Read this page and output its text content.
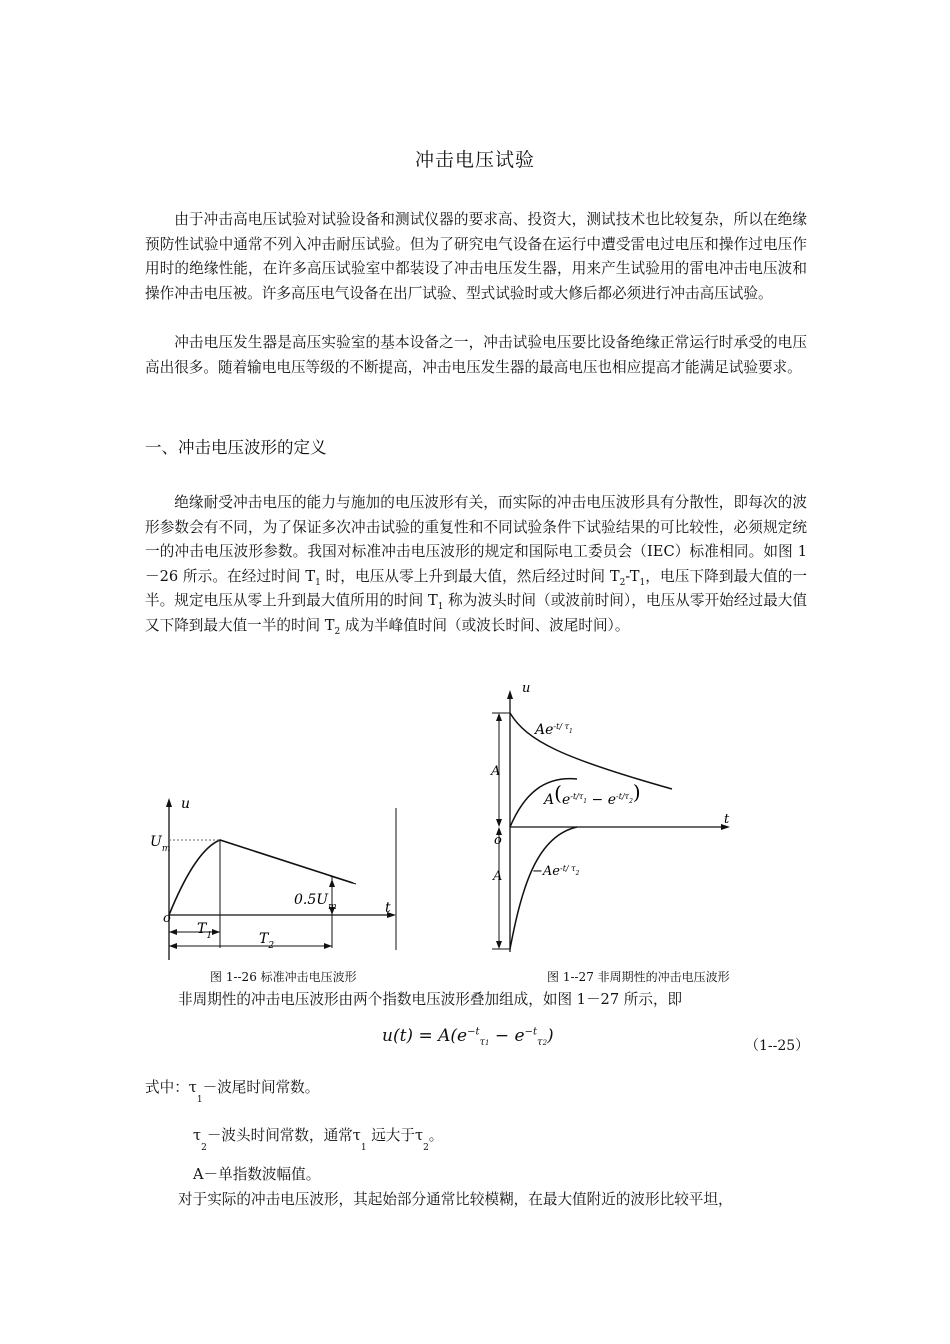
冲击电压试验

由于冲击高电压试验对试验设备和测试仪器的要求高、投资大，测试技术也比较复杂，所以在绝缘预防性试验中通常不列入冲击耐压试验。但为了研究电气设备在运行中遭受雷电过电压和操作过电压作用时的绝缘性能，在许多高压试验室中都装设了冲击电压发生器，用来产生试验用的雷电冲击电压波和操作冲击电压被。许多高压电气设备在出厂试验、型式试验时或大修后都必须进行冲击高压试验。

冲击电压发生器是高压实验室的基本设备之一，冲击试验电压要比设备绝缘正常运行时承受的电压高出很多。随着输电电压等级的不断提高，冲击电压发生器的最高电压也相应提高才能满足试验要求。

一、冲击电压波形的定义

绝缘耐受冲击电压的能力与施加的电压波形有关，而实际的冲击电压波形具有分散性，即每次的波形参数会有不同，为了保证多次冲击试验的重复性和不同试验条件下试验结果的可比较性，必须规定统一的冲击电压波形参数。我国对标准冲击电压波形的规定和国际电工委员会（IEC）标准相同。如图 1－26 所示。在经过时间 $T_1$ 时，电压从零上升到最大值，然后经过时间 $T_2-T_1$，电压下降到最大值的一半。规定电压从零上升到最大值所用的时间 $T_1$ 称为波头时间（或波前时间），电压从零开始经过最大值又下降到最大值一半的时间 $T_2$ 成为半峰值时间（或波长时间、波尾时间）。

u
t
o
$U_m$
$0.5U_m$
$T_1$	$T_2$
u
t
o
A
A
$Ae^{-t/ \tau}_1$
$A(e^{-t/\tau}_1 - e^{-t/\tau}_2)$
$-Ae^{-t/ \tau}_2$
图 1--26 标准冲击电压波形	图 1--27 非周期性的冲击电压波形
非周期性的冲击电压波形由两个指数电压波形叠加组成，如图 1－27 所示，即
$u(t) = A(e^{-t}_{\tau 1} - e^{-t}_{\tau 2})$	（1--25）
式中：$\tau_1-$波尾时间常数。
$\tau_2-$波头时间常数，通常$\tau_1$ 远大于$\tau_2$。
A－单指数波幅值。
对于实际的冲击电压波形，其起始部分通常比较模糊，在最大值附近的波形比较平坦，
